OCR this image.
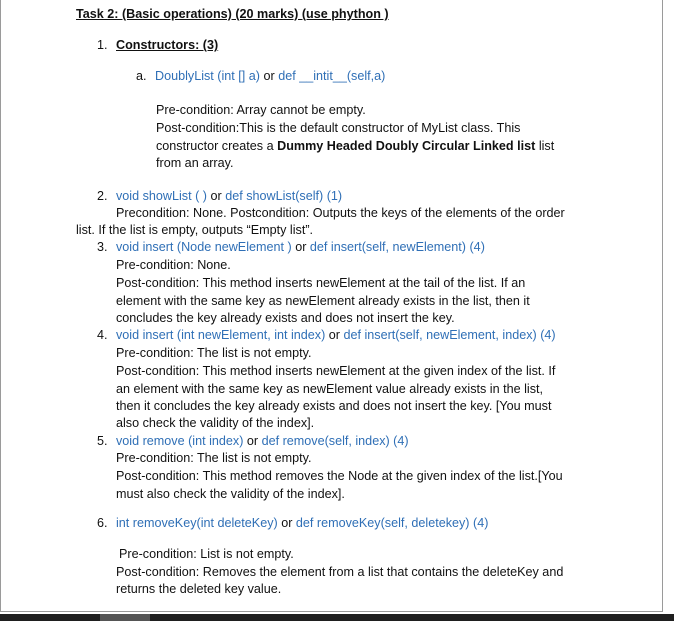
Task 2: (Basic operations) (20 marks) (use phython )
1. Constructors: (3)
a. DoublyList (int [] a) or def __intit__(self,a)
Pre-condition: Array cannot be empty.
Post-condition:This is the default constructor of MyList class. This
constructor creates a Dummy Headed Doubly Circular Linked list list
from an array.
2. void showList ( ) or def showList(self) (1)
Precondition: None. Postcondition: Outputs the keys of the elements of the order
list. If the list is empty, outputs “Empty list”.
3. void insert (Node newElement ) or def insert(self, newElement) (4)
Pre-condition: None.
Post-condition: This method inserts newElement at the tail of the list. If an
element with the same key as newElement already exists in the list, then it
concludes the key already exists and does not insert the key.
4. void insert (int newElement, int index) or def insert(self, newElement, index) (4)
Pre-condition: The list is not empty.
Post-condition: This method inserts newElement at the given index of the list. If
an element with the same key as newElement value already exists in the list,
then it concludes the key already exists and does not insert the key. [You must
also check the validity of the index].
5. void remove (int index) or def remove(self, index) (4)
Pre-condition: The list is not empty.
Post-condition: This method removes the Node at the given index of the list.[You
must also check the validity of the index].
6. int removeKey(int deleteKey) or def removeKey(self, deletekey) (4)
Pre-condition: List is not empty.
Post-condition: Removes the element from a list that contains the deleteKey and
returns the deleted key value.
